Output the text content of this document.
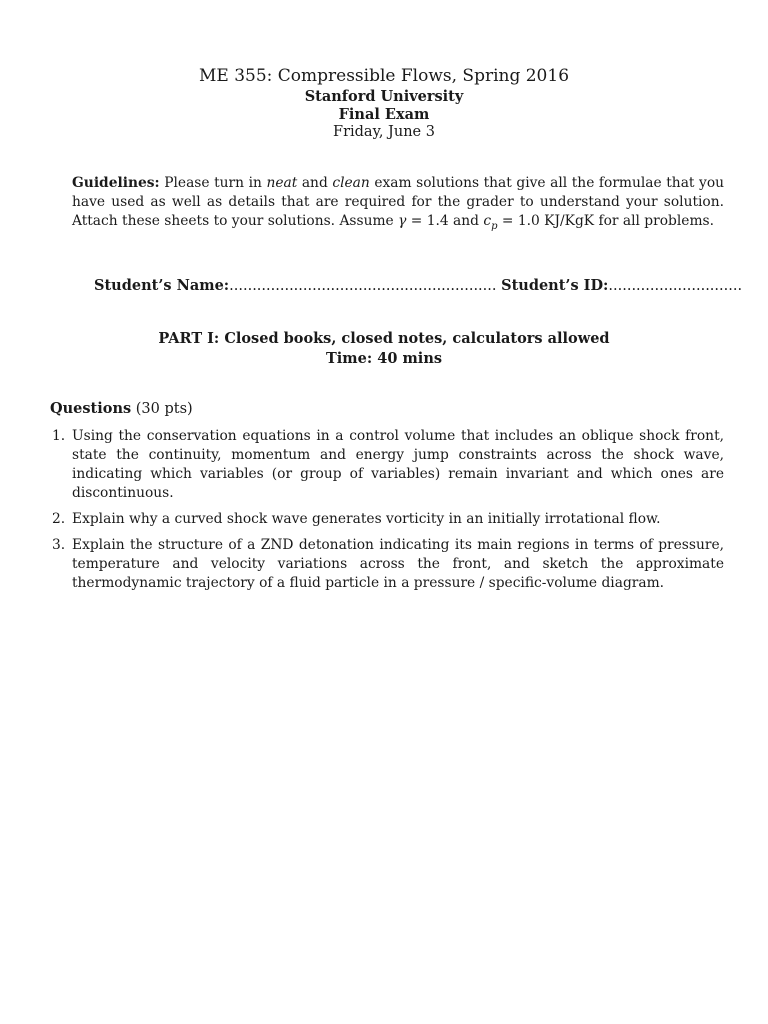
ME 355: Compressible Flows, Spring 2016
Stanford University
Final Exam
Friday, June 3
Guidelines: Please turn in neat and clean exam solutions that give all the formulae that you have used as well as details that are required for the grader to understand your solution. Attach these sheets to your solutions. Assume γ = 1.4 and $c_p = 1.0$ KJ/KgK for all problems.
Student’s Name:.......................................................... Student’s ID:.............................
PART I: Closed books, closed notes, calculators allowed
Time: 40 mins
Questions (30 pts)
1. Using the conservation equations in a control volume that includes an oblique shock front, state the continuity, momentum and energy jump constraints across the shock wave, indicating which variables (or group of variables) remain invariant and which ones are discontinuous.
2. Explain why a curved shock wave generates vorticity in an initially irrotational flow.
3. Explain the structure of a ZND detonation indicating its main regions in terms of pressure, temperature and velocity variations across the front, and sketch the approximate thermodynamic trajectory of a fluid particle in a pressure / specific-volume diagram.
